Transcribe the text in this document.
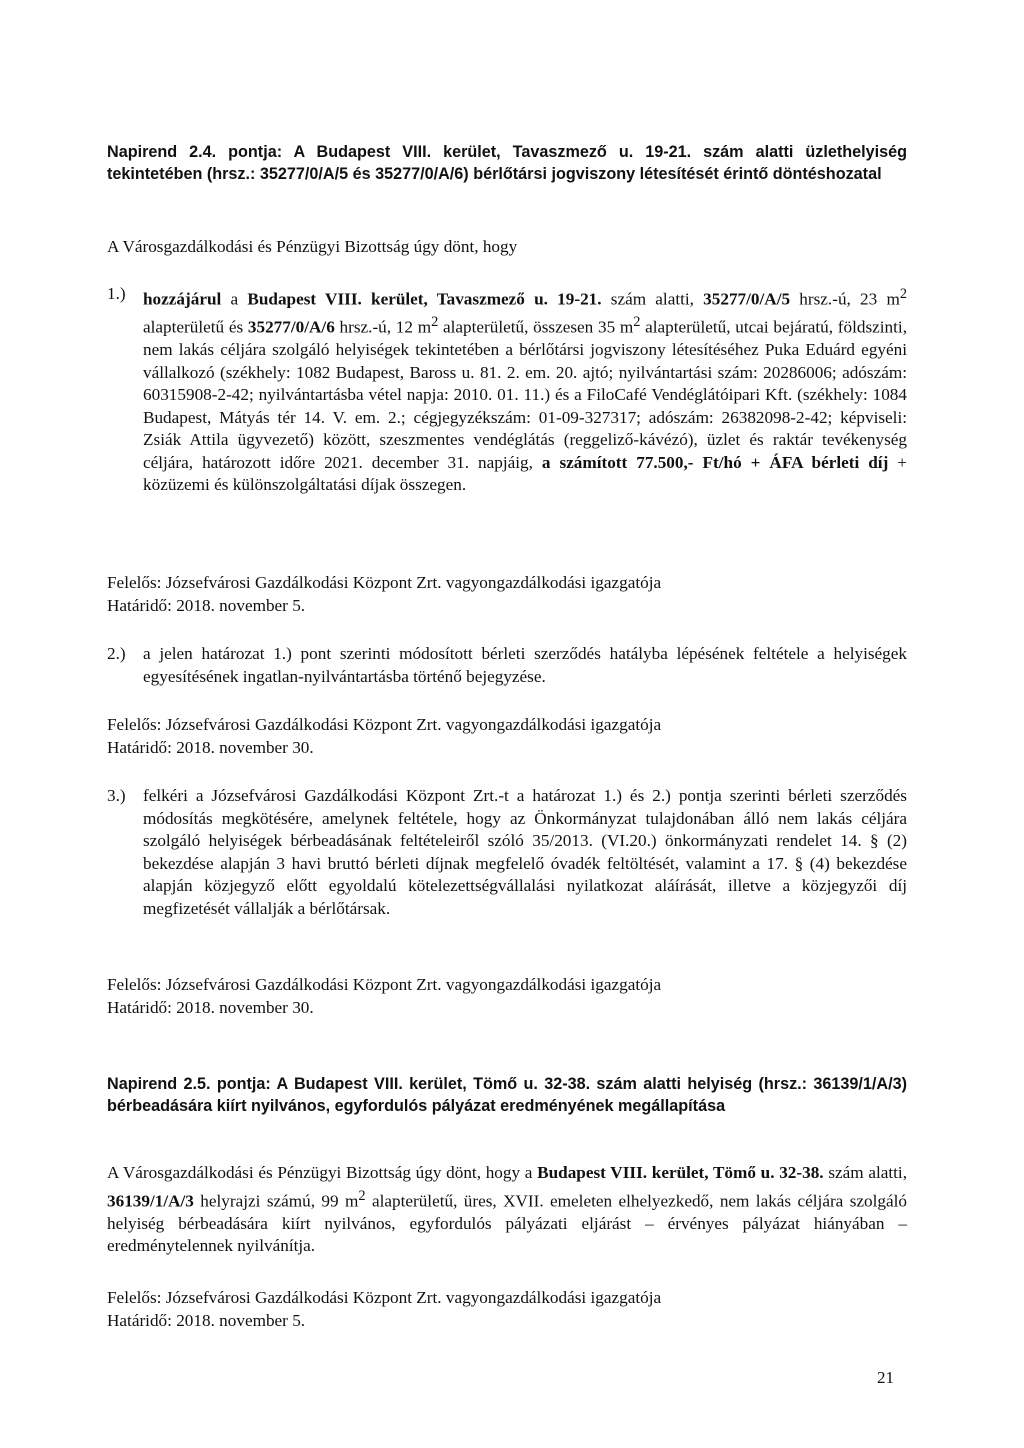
Napirend 2.4. pontja: A Budapest VIII. kerület, Tavaszmező u. 19-21. szám alatti üzlethelyiség tekintetében (hrsz.: 35277/0/A/5 és 35277/0/A/6) bérlőtársi jogviszony létesítését érintő döntéshozatal
A Városgazdálkodási és Pénzügyi Bizottság úgy dönt, hogy
1.) hozzájárul a Budapest VIII. kerület, Tavaszmező u. 19-21. szám alatti, 35277/0/A/5 hrsz.-ú, 23 $m^2$ alapterületű és 35277/0/A/6 hrsz.-ú, 12 $m^2$ alapterületű, összesen 35 $m^2$ alapterületű, utcai bejáratú, földszinti, nem lakás céljára szolgáló helyiségek tekintetében a bérlőtársi jogviszony létesítéséhez Puka Eduárd egyéni vállalkozó (székhely: 1082 Budapest, Baross u. 81. 2. em. 20. ajtó; nyilvántartási szám: 20286006; adószám: 60315908-2-42; nyilvántartásba vétel napja: 2010. 01. 11.) és a FiloCafé Vendéglátóipari Kft. (székhely: 1084 Budapest, Mátyás tér 14. V. em. 2.; cégjegyzékszám: 01-09-327317; adószám: 26382098-2-42; képviseli: Zsiák Attila ügyvezető) között, szeszmentes vendéglátás (reggeliző-kávézó), üzlet és raktár tevékenység céljára, határozott időre 2021. december 31. napjáig, a számított 77.500,- Ft/hó + ÁFA bérleti díj + közüzemi és különszolgáltatási díjak összegen.
Felelős: Józsefvárosi Gazdálkodási Központ Zrt. vagyongazdálkodási igazgatója
Határidő: 2018. november 5.
2.) a jelen határozat 1.) pont szerinti módosított bérleti szerződés hatályba lépésének feltétele a helyiségek egyesítésének ingatlan-nyilvántartásba történő bejegyzése.
Felelős: Józsefvárosi Gazdálkodási Központ Zrt. vagyongazdálkodási igazgatója
Határidő: 2018. november 30.
3.) felkéri a Józsefvárosi Gazdálkodási Központ Zrt.-t a határozat 1.) és 2.) pontja szerinti bérleti szerződés módosítás megkötésére, amelynek feltétele, hogy az Önkormányzat tulajdonában álló nem lakás céljára szolgáló helyiségek bérbeadásának feltételeiről szóló 35/2013. (VI.20.) önkormányzati rendelet 14. § (2) bekezdése alapján 3 havi bruttó bérleti díjnak megfelelő óvadék feltöltését, valamint a 17. § (4) bekezdése alapján közjegyző előtt egyoldalú kötelezettségvállalási nyilatkozat aláírását, illetve a közjegyzői díj megfizetését vállalják a bérlőtársak.
Felelős: Józsefvárosi Gazdálkodási Központ Zrt. vagyongazdálkodási igazgatója
Határidő: 2018. november 30.
Napirend 2.5. pontja: A Budapest VIII. kerület, Tömő u. 32-38. szám alatti helyiség (hrsz.: 36139/1/A/3) bérbeadására kiírt nyilvános, egyfordulós pályázat eredményének megállapítása
A Városgazdálkodási és Pénzügyi Bizottság úgy dönt, hogy a Budapest VIII. kerület, Tömő u. 32-38. szám alatti, 36139/1/A/3 helyrajzi számú, 99 $m^2$ alapterületű, üres, XVII. emeleten elhelyezkedő, nem lakás céljára szolgáló helyiség bérbeadására kiírt nyilvános, egyfordulós pályázati eljárást – érvényes pályázat hiányában – eredménytelennek nyilvánítja.
Felelős: Józsefvárosi Gazdálkodási Központ Zrt. vagyongazdálkodási igazgatója
Határidő: 2018. november 5.
21
